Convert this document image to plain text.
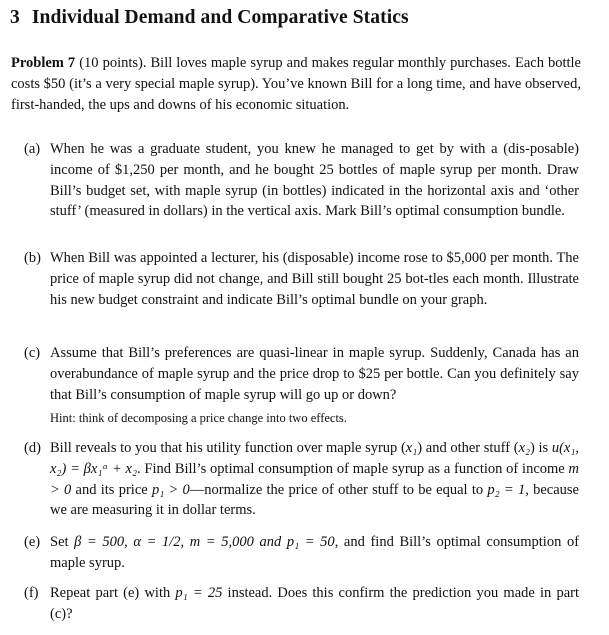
3 Individual Demand and Comparative Statics
Problem 7 (10 points). Bill loves maple syrup and makes regular monthly purchases. Each bottle costs $50 (it’s a very special maple syrup). You’ve known Bill for a long time, and have observed, first-handed, the ups and downs of his economic situation.
(a) When he was a graduate student, you knew he managed to get by with a (dis-posable) income of $1,250 per month, and he bought 25 bottles of maple syrup per month. Draw Bill’s budget set, with maple syrup (in bottles) indicated in the horizontal axis and ‘other stuff’ (measured in dollars) in the vertical axis. Mark Bill’s optimal consumption bundle.
(b) When Bill was appointed a lecturer, his (disposable) income rose to $5,000 per month. The price of maple syrup did not change, and Bill still bought 25 bot-tles each month. Illustrate his new budget constraint and indicate Bill’s optimal bundle on your graph.
(c) Assume that Bill’s preferences are quasi-linear in maple syrup. Suddenly, Canada has an overabundance of maple syrup and the price drop to $25 per bottle. Can you definitely say that Bill’s consumption of maple syrup will go up or down?
Hint: think of decomposing a price change into two effects.
(d) Bill reveals to you that his utility function over maple syrup (x₁) and other stuff (x₂) is u(x₁, x₂) = βx₁ᵅ + x₂. Find Bill’s optimal consumption of maple syrup as a function of income m > 0 and its price p₁ > 0—normalize the price of other stuff to be equal to p₂ = 1, because we are measuring it in dollar terms.
(e) Set β = 500, α = 1/2, m = 5,000 and p₁ = 50, and find Bill’s optimal consumption of maple syrup.
(f) Repeat part (e) with p₁ = 25 instead. Does this confirm the prediction you made in part (c)?
